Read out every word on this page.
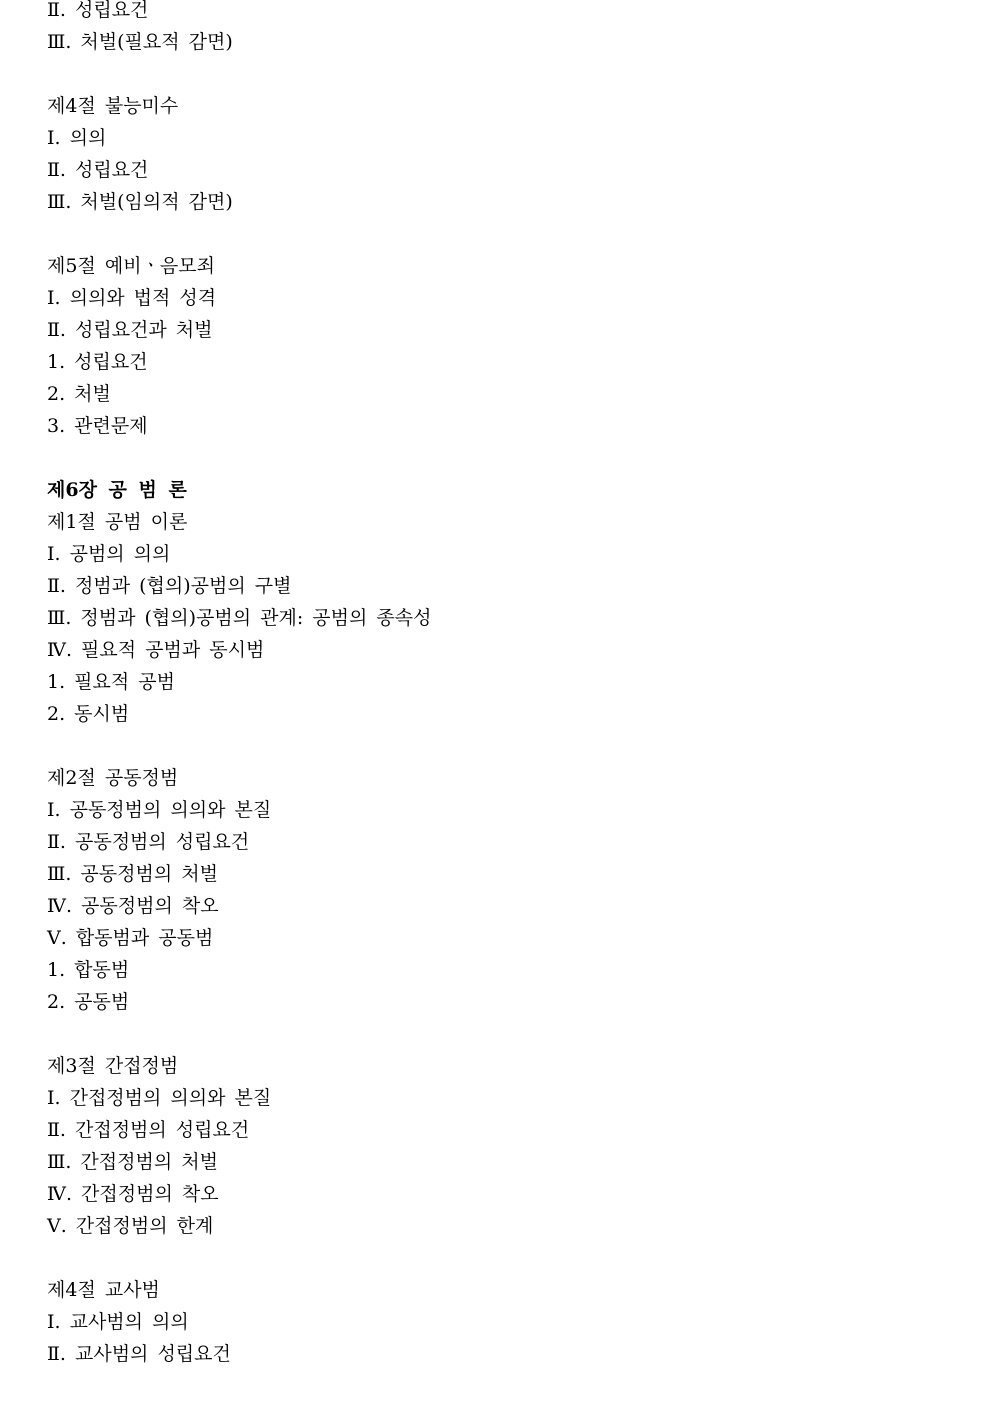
Ⅱ. 성립요건
Ⅲ. 처벌(필요적 감면)
제4절 불능미수
Ⅰ. 의의
Ⅱ. 성립요건
Ⅲ. 처벌(임의적 감면)
제5절 예비ㆍ음모죄
Ⅰ. 의의와 법적 성격
Ⅱ. 성립요건과 처벌
1. 성립요건
2. 처벌
3. 관련문제
제6장 공 범 론
제1절 공범 이론
Ⅰ. 공범의 의의
Ⅱ. 정범과 (협의)공범의 구별
Ⅲ. 정범과 (협의)공범의 관계: 공범의 종속성
Ⅳ. 필요적 공범과 동시범
1. 필요적 공범
2. 동시범
제2절 공동정범
Ⅰ. 공동정범의 의의와 본질
Ⅱ. 공동정범의 성립요건
Ⅲ. 공동정범의 처벌
Ⅳ. 공동정범의 착오
Ⅴ. 합동범과 공동범
1. 합동범
2. 공동범
제3절 간접정범
Ⅰ. 간접정범의 의의와 본질
Ⅱ. 간접정범의 성립요건
Ⅲ. 간접정범의 처벌
Ⅳ. 간접정범의 착오
Ⅴ. 간접정범의 한계
제4절 교사범
Ⅰ. 교사범의 의의
Ⅱ. 교사범의 성립요건
